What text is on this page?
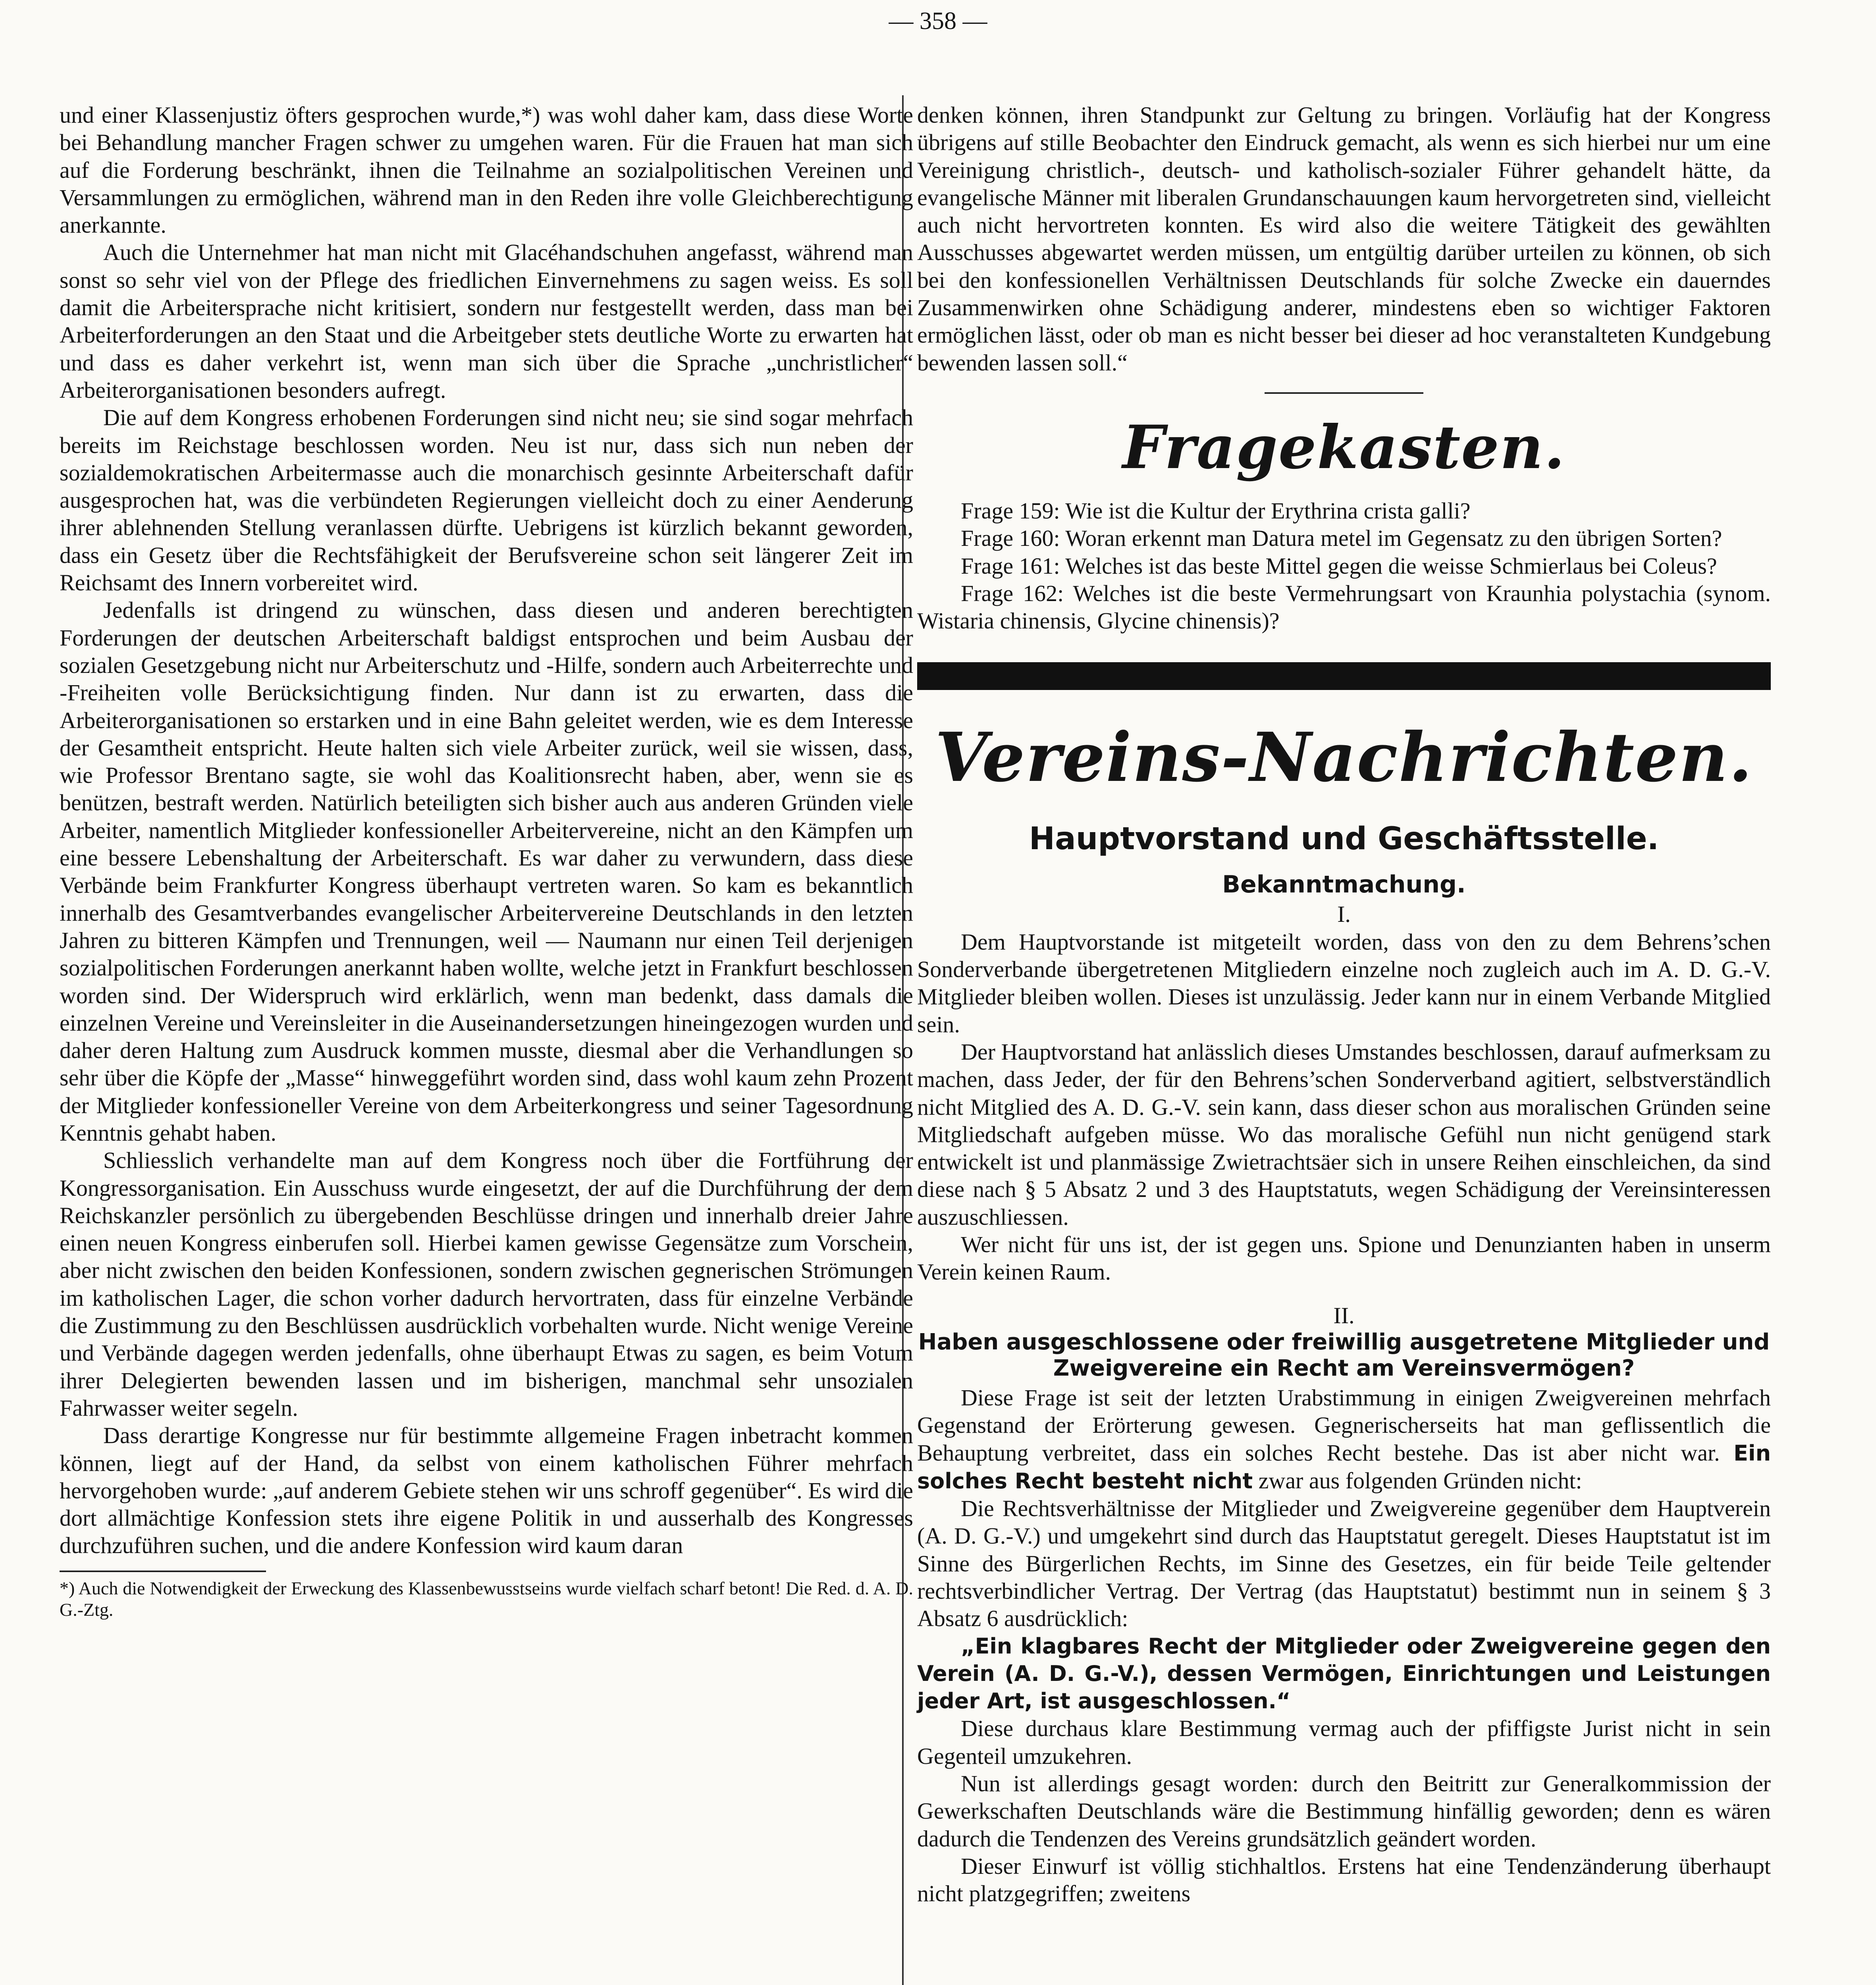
— 358 —

und einer Klassenjustiz öfters gesprochen wurde,*) was wohl daher kam, dass diese Worte bei Behandlung mancher Fragen schwer zu umgehen waren. Für die Frauen hat man sich auf die Forderung beschränkt, ihnen die Teilnahme an sozialpolitischen Vereinen und Versammlungen zu ermöglichen, während man in den Reden ihre volle Gleichberechtigung anerkannte.

Auch die Unternehmer hat man nicht mit Glacéhandschuhen angefasst, während man sonst so sehr viel von der Pflege des friedlichen Einvernehmens zu sagen weiss. Es soll damit die Arbeitersprache nicht kritisiert, sondern nur festgestellt werden, dass man bei Arbeiterforderungen an den Staat und die Arbeitgeber stets deutliche Worte zu erwarten hat und dass es daher verkehrt ist, wenn man sich über die Sprache „unchristlicher“ Arbeiterorganisationen besonders aufregt.

Die auf dem Kongress erhobenen Forderungen sind nicht neu; sie sind sogar mehrfach bereits im Reichstage beschlossen worden. Neu ist nur, dass sich nun neben der sozialdemokratischen Arbeitermasse auch die monarchisch gesinnte Arbeiterschaft dafür ausgesprochen hat, was die verbündeten Regierungen vielleicht doch zu einer Aenderung ihrer ablehnenden Stellung veranlassen dürfte. Uebrigens ist kürzlich bekannt geworden, dass ein Gesetz über die Rechtsfähigkeit der Berufsvereine schon seit längerer Zeit im Reichsamt des Innern vorbereitet wird.

Jedenfalls ist dringend zu wünschen, dass diesen und anderen berechtigten Forderungen der deutschen Arbeiterschaft baldigst entsprochen und beim Ausbau der sozialen Gesetzgebung nicht nur Arbeiterschutz und -Hilfe, sondern auch Arbeiterrechte und -Freiheiten volle Berücksichtigung finden. Nur dann ist zu erwarten, dass die Arbeiterorganisationen so erstarken und in eine Bahn geleitet werden, wie es dem Interesse der Gesamtheit entspricht. Heute halten sich viele Arbeiter zurück, weil sie wissen, dass, wie Professor Brentano sagte, sie wohl das Koalitionsrecht haben, aber, wenn sie es benützen, bestraft werden. Natürlich beteiligten sich bisher auch aus anderen Gründen viele Arbeiter, namentlich Mitglieder konfessioneller Arbeitervereine, nicht an den Kämpfen um eine bessere Lebenshaltung der Arbeiterschaft. Es war daher zu verwundern, dass diese Verbände beim Frankfurter Kongress überhaupt vertreten waren. So kam es bekanntlich innerhalb des Gesamtverbandes evangelischer Arbeitervereine Deutschlands in den letzten Jahren zu bitteren Kämpfen und Trennungen, weil — Naumann nur einen Teil derjenigen sozialpolitischen Forderungen anerkannt haben wollte, welche jetzt in Frankfurt beschlossen worden sind. Der Widerspruch wird erklärlich, wenn man bedenkt, dass damals die einzelnen Vereine und Vereinsleiter in die Auseinandersetzungen hineingezogen wurden und daher deren Haltung zum Ausdruck kommen musste, diesmal aber die Verhandlungen so sehr über die Köpfe der „Masse“ hinweggeführt worden sind, dass wohl kaum zehn Prozent der Mitglieder konfessioneller Vereine von dem Arbeiterkongress und seiner Tagesordnung Kenntnis gehabt haben.

Schliesslich verhandelte man auf dem Kongress noch über die Fortführung der Kongressorganisation. Ein Ausschuss wurde eingesetzt, der auf die Durchführung der dem Reichskanzler persönlich zu übergebenden Beschlüsse dringen und innerhalb dreier Jahre einen neuen Kongress einberufen soll. Hierbei kamen gewisse Gegensätze zum Vorschein, aber nicht zwischen den beiden Konfessionen, sondern zwischen gegnerischen Strömungen im katholischen Lager, die schon vorher dadurch hervortraten, dass für einzelne Verbände die Zustimmung zu den Beschlüssen ausdrücklich vorbehalten wurde. Nicht wenige Vereine und Verbände dagegen werden jedenfalls, ohne überhaupt Etwas zu sagen, es beim Votum ihrer Delegierten bewenden lassen und im bisherigen, manchmal sehr unsozialen Fahrwasser weiter segeln.

Dass derartige Kongresse nur für bestimmte allgemeine Fragen inbetracht kommen können, liegt auf der Hand, da selbst von einem katholischen Führer mehrfach hervorgehoben wurde: „auf anderem Gebiete stehen wir uns schroff gegenüber“. Es wird die dort allmächtige Konfession stets ihre eigene Politik in und ausserhalb des Kongresses durchzuführen suchen, und die andere Konfession wird kaum daran

*) Auch die Notwendigkeit der Erweckung des Klassenbewusstseins wurde vielfach scharf betont! Die Red. d. A. D. G.-Ztg.

denken können, ihren Standpunkt zur Geltung zu bringen. Vorläufig hat der Kongress übrigens auf stille Beobachter den Eindruck gemacht, als wenn es sich hierbei nur um eine Vereinigung christlich-, deutsch- und katholisch-sozialer Führer gehandelt hätte, da evangelische Männer mit liberalen Grundanschauungen kaum hervorgetreten sind, vielleicht auch nicht hervortreten konnten. Es wird also die weitere Tätigkeit des gewählten Ausschusses abgewartet werden müssen, um entgültig darüber urteilen zu können, ob sich bei den konfessionellen Verhältnissen Deutschlands für solche Zwecke ein dauerndes Zusammenwirken ohne Schädigung anderer, mindestens eben so wichtiger Faktoren ermöglichen lässt, oder ob man es nicht besser bei dieser ad hoc veranstalteten Kundgebung bewenden lassen soll.“

Fragekasten.

Frage 159: Wie ist die Kultur der Erythrina crista galli?

Frage 160: Woran erkennt man Datura metel im Gegensatz zu den übrigen Sorten?

Frage 161: Welches ist das beste Mittel gegen die weisse Schmierlaus bei Coleus?

Frage 162: Welches ist die beste Vermehrungsart von Kraunhia polystachia (synom. Wistaria chinensis, Glycine chinensis)?

Vereins-Nachrichten.
Hauptvorstand und Geschäftsstelle.
Bekanntmachung.
I.

Dem Hauptvorstande ist mitgeteilt worden, dass von den zu dem Behrens’schen Sonderverbande übergetretenen Mitgliedern einzelne noch zugleich auch im A. D. G.-V. Mitglieder bleiben wollen. Dieses ist unzulässig. Jeder kann nur in einem Verbande Mitglied sein.

Der Hauptvorstand hat anlässlich dieses Umstandes beschlossen, darauf aufmerksam zu machen, dass Jeder, der für den Behrens’schen Sonderverband agitiert, selbstverständlich nicht Mitglied des A. D. G.-V. sein kann, dass dieser schon aus moralischen Gründen seine Mitgliedschaft aufgeben müsse. Wo das moralische Gefühl nun nicht genügend stark entwickelt ist und planmässige Zwietrachtsäer sich in unsere Reihen einschleichen, da sind diese nach § 5 Absatz 2 und 3 des Hauptstatuts, wegen Schädigung der Vereinsinteressen auszuschliessen.

Wer nicht für uns ist, der ist gegen uns. Spione und Denunzianten haben in unserm Verein keinen Raum.

II.
Haben ausgeschlossene oder freiwillig ausgetretene Mitglieder und Zweigvereine ein Recht am Vereinsvermögen?

Diese Frage ist seit der letzten Urabstimmung in einigen Zweigvereinen mehrfach Gegenstand der Erörterung gewesen. Gegnerischerseits hat man geflissentlich die Behauptung verbreitet, dass ein solches Recht bestehe. Das ist aber nicht war. Ein solches Recht besteht nicht zwar aus folgenden Gründen nicht:

Die Rechtsverhältnisse der Mitglieder und Zweigvereine gegenüber dem Hauptverein (A. D. G.-V.) und umgekehrt sind durch das Hauptstatut geregelt. Dieses Hauptstatut ist im Sinne des Bürgerlichen Rechts, im Sinne des Gesetzes, ein für beide Teile geltender rechtsverbindlicher Vertrag. Der Vertrag (das Hauptstatut) bestimmt nun in seinem § 3 Absatz 6 ausdrücklich:

„Ein klagbares Recht der Mitglieder oder Zweigvereine gegen den Verein (A. D. G.-V.), dessen Vermögen, Einrichtungen und Leistungen jeder Art, ist ausgeschlossen.“

Diese durchaus klare Bestimmung vermag auch der pfiffigste Jurist nicht in sein Gegenteil umzukehren.

Nun ist allerdings gesagt worden: durch den Beitritt zur Generalkommission der Gewerkschaften Deutschlands wäre die Bestimmung hinfällig geworden; denn es wären dadurch die Tendenzen des Vereins grundsätzlich geändert worden.

Dieser Einwurf ist völlig stichhaltlos. Erstens hat eine Tendenzänderung überhaupt nicht platzgegriffen; zweitens
